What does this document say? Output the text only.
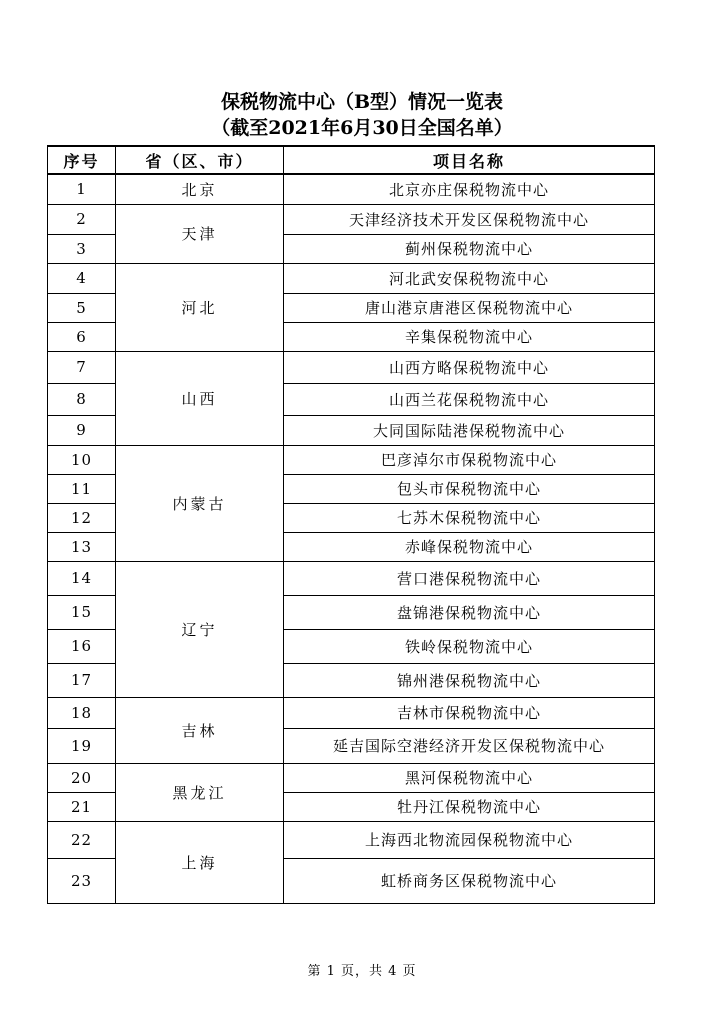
保税物流中心（B型）情况一览表
（截至2021年6月30日全国名单）
序号	省（区、市）	项目名称
1	北京	北京亦庄保税物流中心
2	天津	天津经济技术开发区保税物流中心
3		蓟州保税物流中心
4	河北	河北武安保税物流中心
5		唐山港京唐港区保税物流中心
6		辛集保税物流中心
7	山西	山西方略保税物流中心
8		山西兰花保税物流中心
9		大同国际陆港保税物流中心
10	内蒙古	巴彦淖尔市保税物流中心
11		包头市保税物流中心
12		七苏木保税物流中心
13		赤峰保税物流中心
14	辽宁	营口港保税物流中心
15		盘锦港保税物流中心
16		铁岭保税物流中心
17		锦州港保税物流中心
18	吉林	吉林市保税物流中心
19		延吉国际空港经济开发区保税物流中心
20	黑龙江	黑河保税物流中心
21		牡丹江保税物流中心
22	上海	上海西北物流园保税物流中心
23		虹桥商务区保税物流中心
第 1 页，共 4 页
